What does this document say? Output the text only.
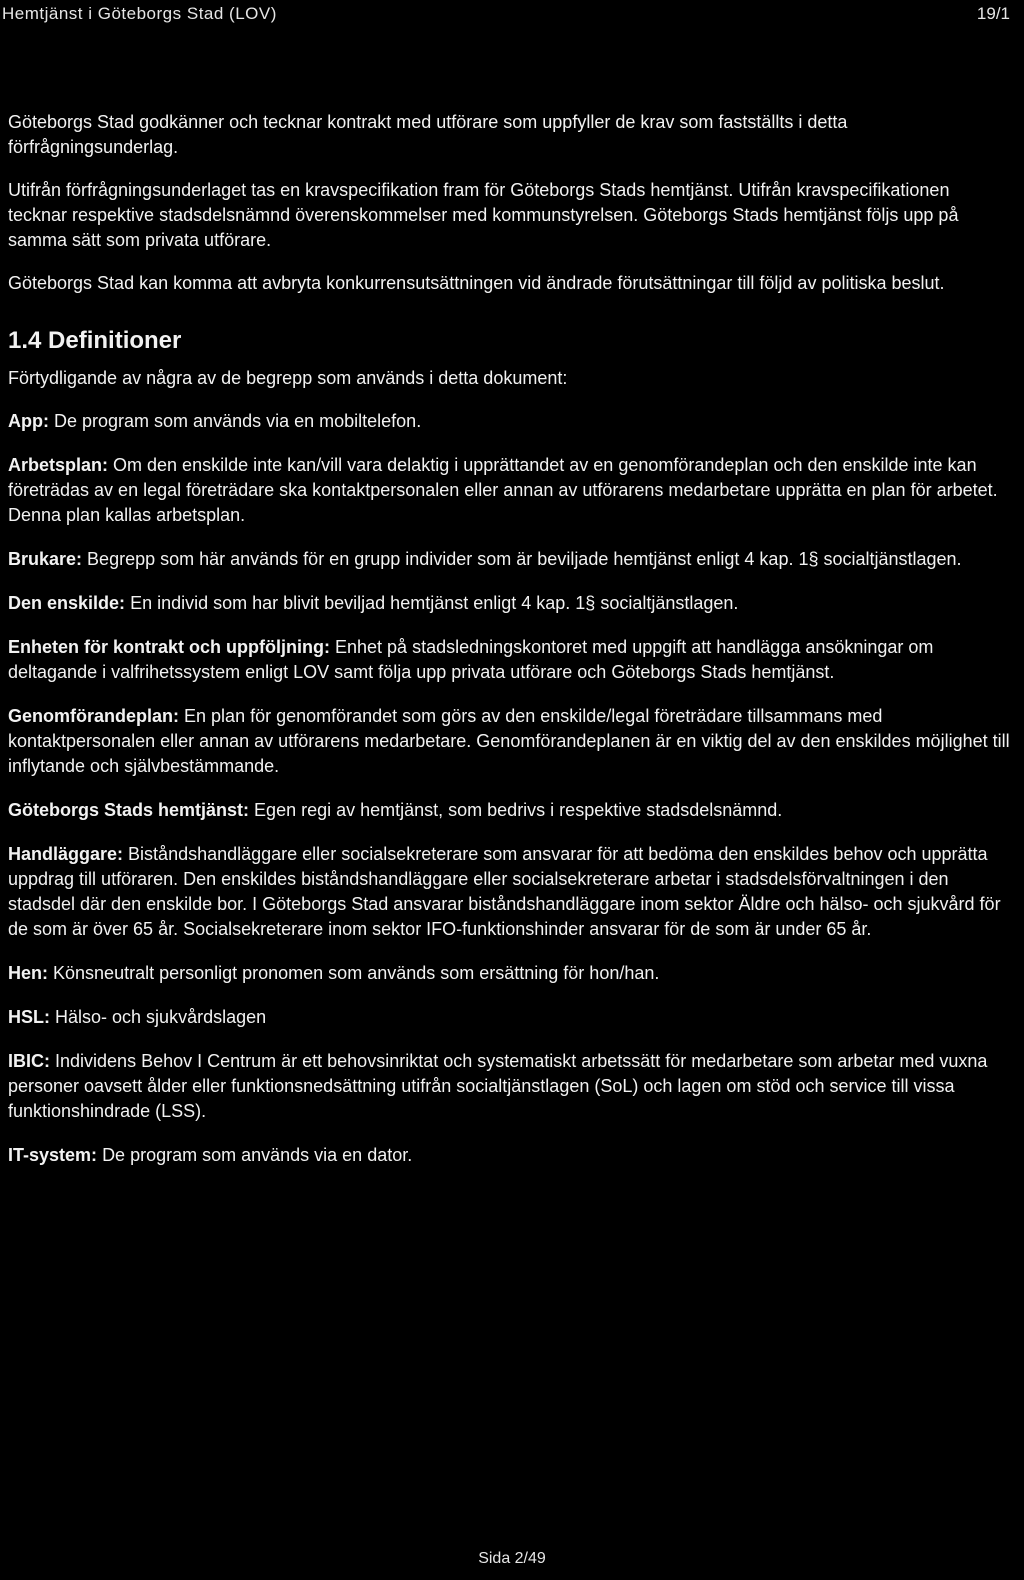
Hemtjänst i Göteborgs Stad (LOV)	19/1

Göteborgs Stad godkänner och tecknar kontrakt med utförare som uppfyller de krav som fastställts i detta förfrågningsunderlag.

Utifrån förfrågningsunderlaget tas en kravspecifikation fram för Göteborgs Stads hemtjänst. Utifrån kravspecifikationen tecknar respektive stadsdelsnämnd överenskommelser med kommunstyrelsen. Göteborgs Stads hemtjänst följs upp på samma sätt som privata utförare.

Göteborgs Stad kan komma att avbryta konkurrensutsättningen vid ändrade förutsättningar till följd av politiska beslut.

1.4 Definitioner

Förtydligande av några av de begrepp som används i detta dokument:

App: De program som används via en mobiltelefon.
Arbetsplan: Om den enskilde inte kan/vill vara delaktig i upprättandet av en genomförandeplan och den enskilde inte kan företrädas av en legal företrädare ska kontaktpersonalen eller annan av utförarens medarbetare upprätta en plan för arbetet. Denna plan kallas arbetsplan.
Brukare: Begrepp som här används för en grupp individer som är beviljade hemtjänst enligt 4 kap. 1§ socialtjänstlagen.
Den enskilde: En individ som har blivit beviljad hemtjänst enligt 4 kap. 1§ socialtjänstlagen.
Enheten för kontrakt och uppföljning: Enhet på stadsledningskontoret med uppgift att handlägga ansökningar om deltagande i valfrihetssystem enligt LOV samt följa upp privata utförare och Göteborgs Stads hemtjänst.
Genomförandeplan: En plan för genomförandet som görs av den enskilde/legal företrädare tillsammans med kontaktpersonalen eller annan av utförarens medarbetare. Genomförandeplanen är en viktig del av den enskildes möjlighet till inflytande och självbestämmande.
Göteborgs Stads hemtjänst: Egen regi av hemtjänst, som bedrivs i respektive stadsdelsnämnd.
Handläggare: Biståndshandläggare eller socialsekreterare som ansvarar för att bedöma den enskildes behov och upprätta uppdrag till utföraren. Den enskildes biståndshandläggare eller socialsekreterare arbetar i stadsdelsförvaltningen i den stadsdel där den enskilde bor. I Göteborgs Stad ansvarar biståndshandläggare inom sektor Äldre och hälso- och sjukvård för de som är över 65 år. Socialsekreterare inom sektor IFO-funktionshinder ansvarar för de som är under 65 år.
Hen: Könsneutralt personligt pronomen som används som ersättning för hon/han.
HSL: Hälso- och sjukvårdslagen
IBIC: Individens Behov I Centrum är ett behovsinriktat och systematiskt arbetssätt för medarbetare som arbetar med vuxna personer oavsett ålder eller funktionsnedsättning utifrån socialtjänstlagen (SoL) och lagen om stöd och service till vissa funktionshindrade (LSS).
IT-system: De program som används via en dator.
Sida 2/49
